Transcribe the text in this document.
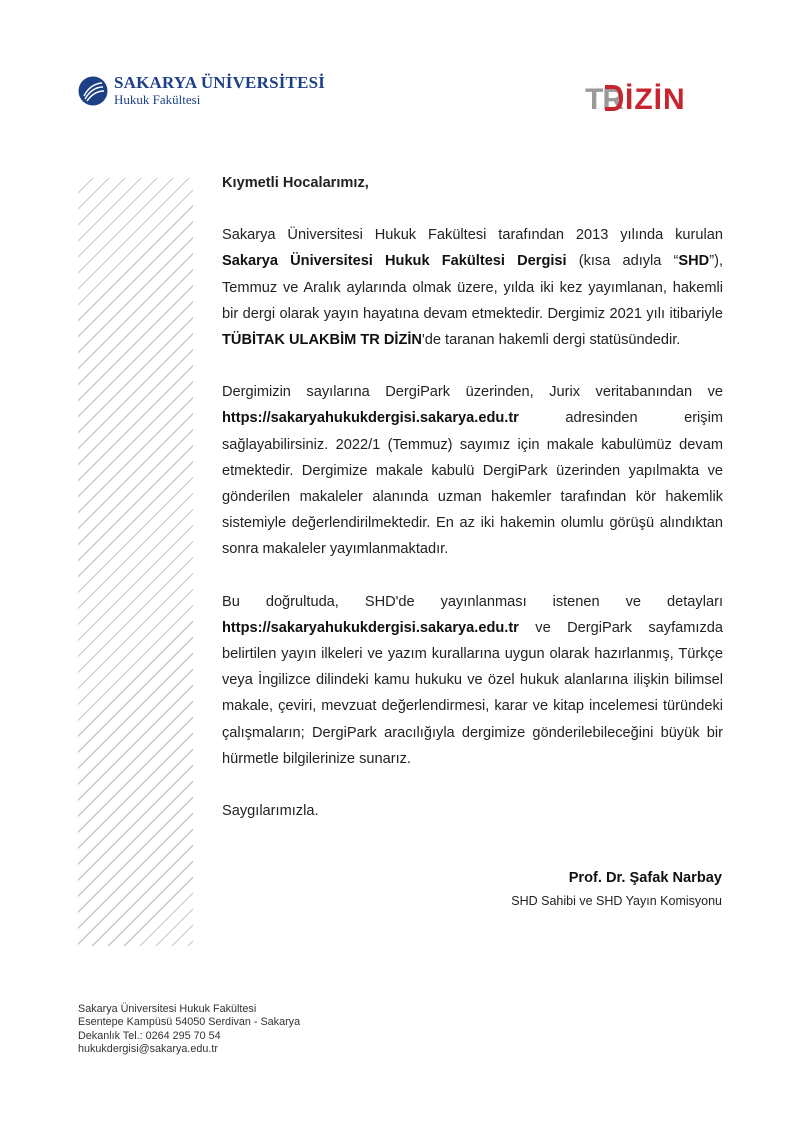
SAKARYA ÜNİVERSİTESİ
Hukuk Fakültesi	TR İZİN

Kıymetli Hocalarımız,

Sakarya Üniversitesi Hukuk Fakültesi tarafından 2013 yılında kurulan Sakarya Üniversitesi Hukuk Fakültesi Dergisi (kısa adıyla “SHD”), Temmuz ve Aralık aylarında olmak üzere, yılda iki kez yayımlanan, hakemli bir dergi olarak yayın hayatına devam etmektedir. Dergimiz 2021 yılı itibariyle TÜBİTAK ULAKBİM TR DİZİN'de taranan hakemli dergi statüsündedir.

Dergimizin sayılarına DergiPark üzerinden, Jurix veritabanından ve https://sakaryahukukdergisi.sakarya.edu.tr adresinden erişim sağlayabilirsiniz. 2022/1 (Temmuz) sayımız için makale kabulümüz devam etmektedir. Dergimize makale kabulü DergiPark üzerinden yapılmakta ve gönderilen makaleler alanında uzman hakemler tarafından kör hakemlik sistemiyle değerlendirilmektedir. En az iki hakemin olumlu görüşü alındıktan sonra makaleler yayımlanmaktadır.

Bu doğrultuda, SHD'de yayınlanması istenen ve detayları https://sakaryahukukdergisi.sakarya.edu.tr ve DergiPark sayfamızda belirtilen yayın ilkeleri ve yazım kurallarına uygun olarak hazırlanmış, Türkçe veya İngilizce dilindeki kamu hukuku ve özel hukuk alanlarına ilişkin bilimsel makale, çeviri, mevzuat değerlendirmesi, karar ve kitap incelemesi türündeki çalışmaların; DergiPark aracılığıyla dergimize gönderilebileceğini büyük bir hürmetle bilgilerinize sunarız.

Saygılarımızla.

Prof. Dr. Şafak Narbay
SHD Sahibi ve SHD Yayın Komisyonu
Sakarya Üniversitesi Hukuk Fakültesi
Esentepe Kampüsü 54050 Serdivan - Sakarya
Dekanlık Tel.: 0264 295 70 54
hukukdergisi@sakarya.edu.tr
